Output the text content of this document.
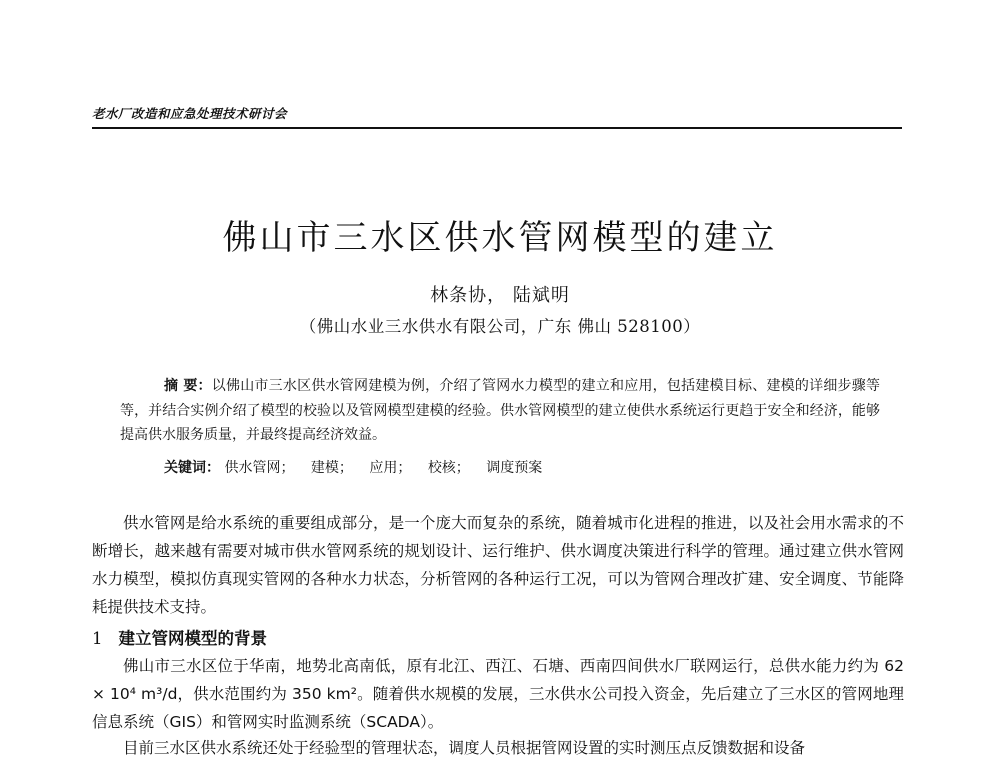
老水厂改造和应急处理技术研讨会
佛山市三水区供水管网模型的建立
林条协， 陆斌明
（佛山水业三水供水有限公司，广东 佛山 528100）
摘 要：以佛山市三水区供水管网建模为例，介绍了管网水力模型的建立和应用，包括建模目标、建模的详细步骤等等，并结合实例介绍了模型的校验以及管网模型建模的经验。供水管网模型的建立使供水系统运行更趋于安全和经济，能够提高供水服务质量，并最终提高经济效益。
关键词： 供水管网； 建模； 应用； 校核； 调度预案
供水管网是给水系统的重要组成部分，是一个庞大而复杂的系统，随着城市化进程的推进，以及社会用水需求的不断增长，越来越有需要对城市供水管网系统的规划设计、运行维护、供水调度决策进行科学的管理。通过建立供水管网水力模型，模拟仿真现实管网的各种水力状态，分析管网的各种运行工况，可以为管网合理改扩建、安全调度、节能降耗提供技术支持。
1 建立管网模型的背景
佛山市三水区位于华南，地势北高南低，原有北江、西江、石塘、西南四间供水厂联网运行，总供水能力约为 62 × 10⁴ m³/d，供水范围约为 350 km²。随着供水规模的发展，三水供水公司投入资金，先后建立了三水区的管网地理信息系统（GIS）和管网实时监测系统（SCADA）。
目前三水区供水系统还处于经验型的管理状态，调度人员根据管网设置的实时测压点反馈数据和设备
